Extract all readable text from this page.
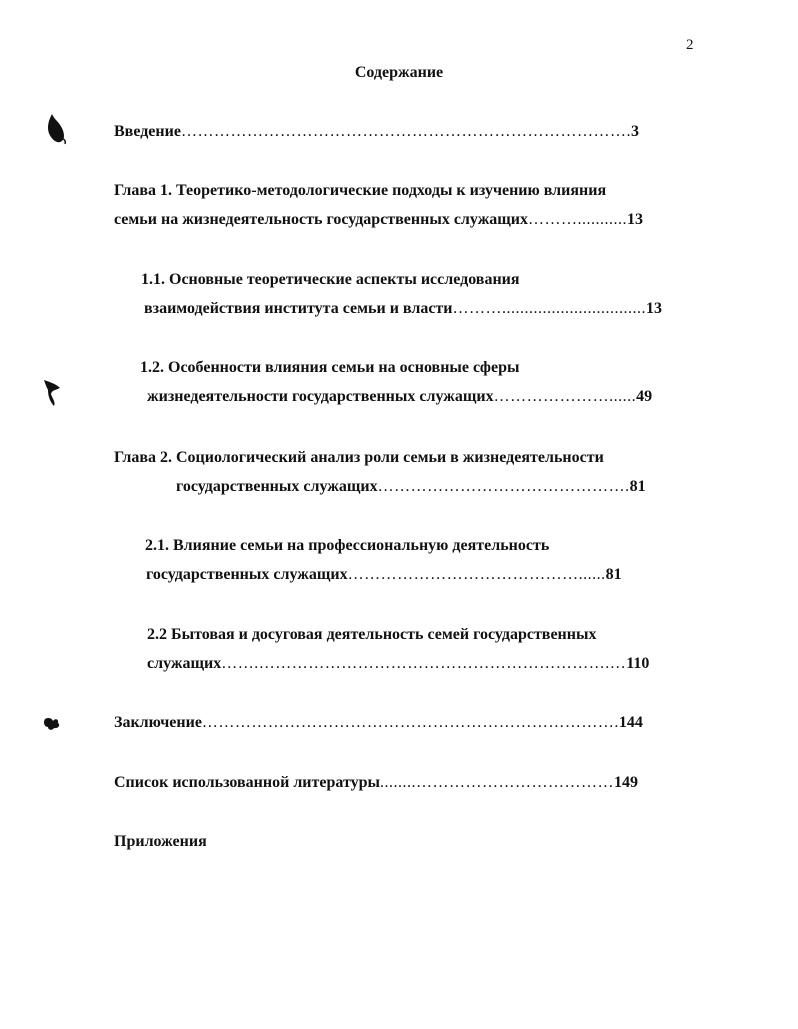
2
Содержание
Введение……………………………………………………………………….3
Глава 1. Теоретико-методологические подходы к изучению влияния
семьи на жизнедеятельность государственных служащих………...........13
1.1. Основные теоретические аспекты исследования
взаимодействия института семьи и власти………................................13
1.2. Особенности влияния семьи на основные сферы
жизнедеятельности государственных служащих…………………......49
Глава 2. Социологический анализ роли семьи в жизнедеятельности
государственных служащих……………………………………….81
2.1. Влияние семьи на профессиональную деятельность
государственных служащих……………………………………......81
2.2 Бытовая и досуговая деятельность семей государственных
служащих…….……………………………………………………….…110
Заключение………………………………………………………………….144
Список использованной литературы........………………………………149
Приложения
